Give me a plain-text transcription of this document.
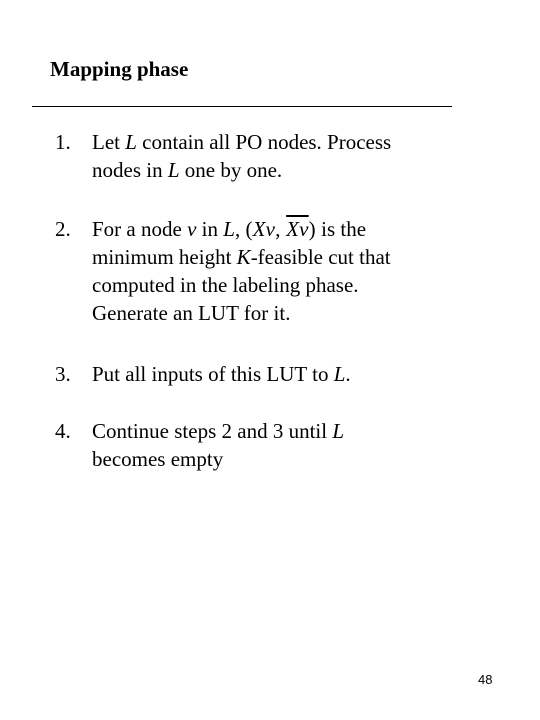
Mapping phase
1. Let L contain all PO nodes. Process
nodes in L one by one.
2. For a node v in L, (Xv, $\overline{Xv}$) is the
minimum height K-feasible cut that
computed in the labeling phase.
Generate an LUT for it.
3. Put all inputs of this LUT to L.
4. Continue steps 2 and 3 until L
becomes empty
48
